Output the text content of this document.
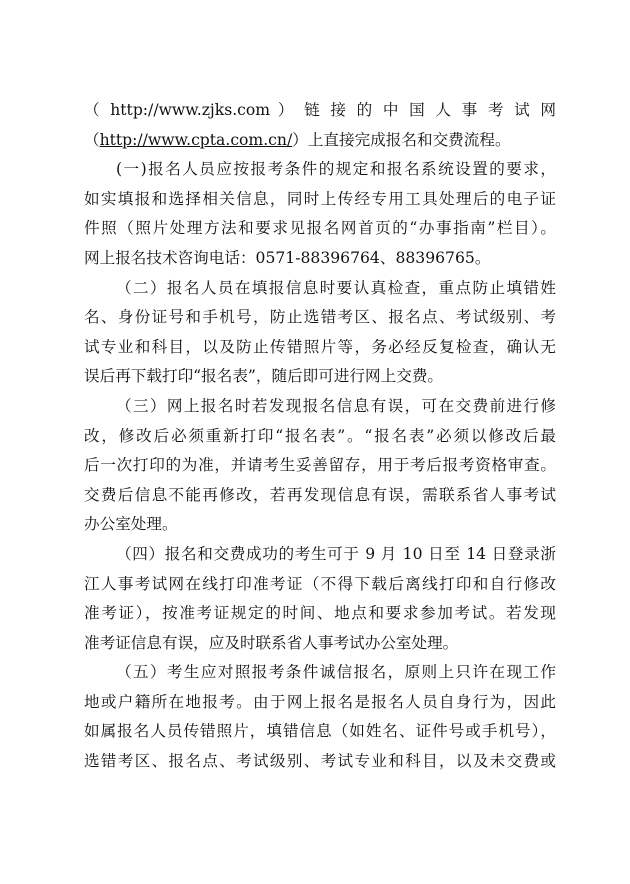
（ http://www.zjks.com ） 链 接 的 中 国 人 事 考 试 网
（http://www.cpta.com.cn/）上直接完成报名和交费流程。
(一)报名人员应按报考条件的规定和报名系统设置的要求，
如实填报和选择相关信息，同时上传经专用工具处理后的电子证
件照（照片处理方法和要求见报名网首页的“办事指南”栏目）。
网上报名技术咨询电话：0571-88396764、88396765。
（二）报名人员在填报信息时要认真检查，重点防止填错姓
名、身份证号和手机号，防止选错考区、报名点、考试级别、考
试专业和科目，以及防止传错照片等，务必经反复检查，确认无
误后再下载打印“报名表”，随后即可进行网上交费。
（三）网上报名时若发现报名信息有误，可在交费前进行修
改，修改后必须重新打印“报名表”。“报名表”必须以修改后最
后一次打印的为准，并请考生妥善留存，用于考后报考资格审查。
交费后信息不能再修改，若再发现信息有误，需联系省人事考试
办公室处理。
（四）报名和交费成功的考生可于 9 月 10 日至 14 日登录浙
江人事考试网在线打印准考证（不得下载后离线打印和自行修改
准考证），按准考证规定的时间、地点和要求参加考试。若发现
准考证信息有误，应及时联系省人事考试办公室处理。
（五）考生应对照报考条件诚信报名，原则上只许在现工作
地或户籍所在地报考。由于网上报名是报名人员自身行为，因此
如属报名人员传错照片，填错信息（如姓名、证件号或手机号），
选错考区、报名点、考试级别、考试专业和科目，以及未交费或
